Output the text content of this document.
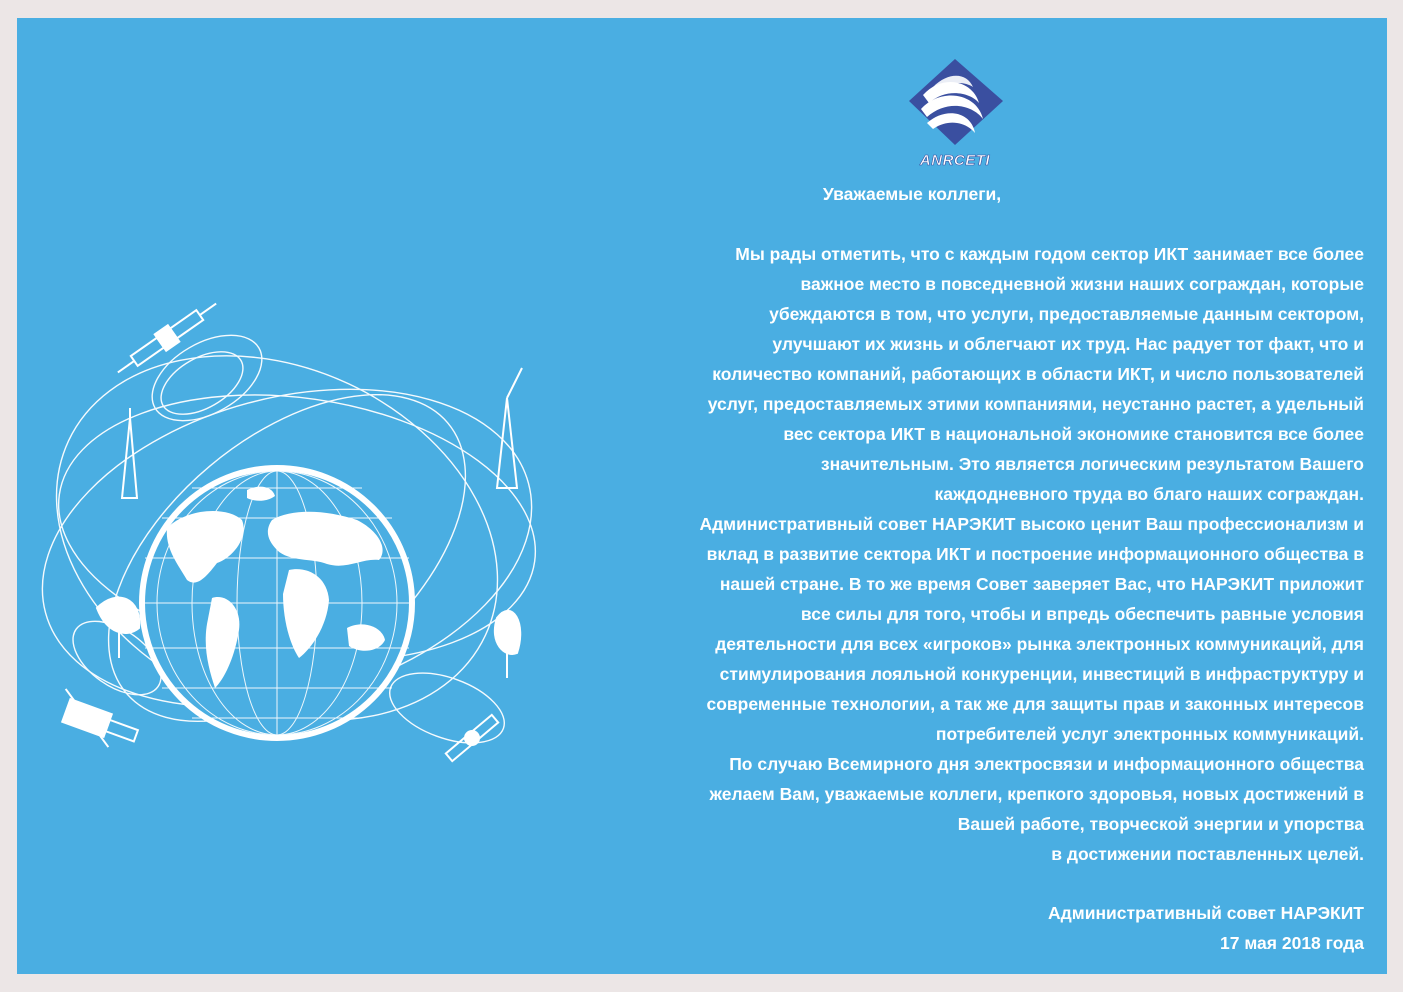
ANRCETI
Уважаемые коллеги,
Мы рады отметить, что с каждым годом сектор ИКТ занимает все более
важное место в повседневной жизни наших сограждан, которые
убеждаются в том, что услуги, предоставляемые данным сектором,
улучшают их жизнь и облегчают их труд. Нас радует тот факт, что и
количество компаний, работающих в области ИКТ, и число пользователей
услуг, предоставляемых этими компаниями, неустанно растет, а удельный
вес сектора ИКТ в национальной экономике становится все более
значительным. Это является логическим результатом Вашего
каждодневного труда во благо наших сограждан.
Административный совет НАРЭКИТ высоко ценит Ваш профессионализм и
вклад в развитие сектора ИКТ и построение информационного общества в
нашей стране. В то же время Совет заверяет Вас, что НАРЭКИТ приложит
все силы для того, чтобы и впредь обеспечить равные условия
деятельности для всех «игроков» рынка электронных коммуникаций, для
стимулирования лояльной конкуренции, инвестиций в инфраструктуру и
современные технологии, а так же для защиты прав и законных интересов
потребителей услуг электронных коммуникаций.
По случаю Всемирного дня электросвязи и информационного общества
желаем Вам, уважаемые коллеги, крепкого здоровья, новых достижений в
Вашей работе, творческой энергии и упорства
в достижении поставленных целей.
Административный совет НАРЭКИТ
17 мая 2018 года
